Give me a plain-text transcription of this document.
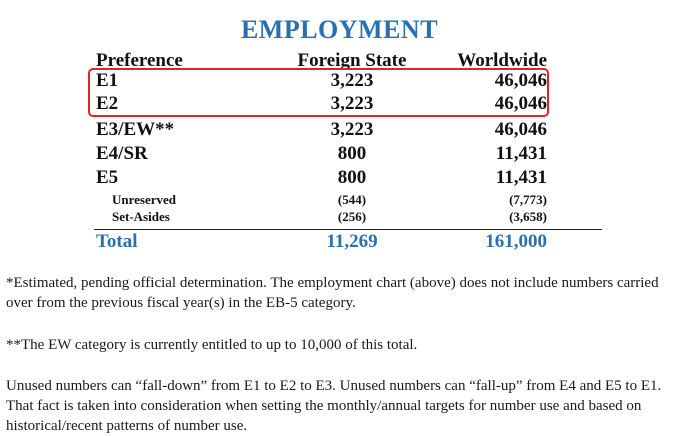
EMPLOYMENT
Preference	Foreign State	Worldwide
E1	3,223	46,046
E2	3,223	46,046
E3/EW**	3,223	46,046
E4/SR	800	11,431
E5	800	11,431
Unreserved	(544)	(7,773)
Set-Asides	(256)	(3,658)
Total	11,269	161,000
*Estimated, pending official determination. The employment chart (above) does not include numbers carried over from the previous fiscal year(s) in the EB-5 category.
**The EW category is currently entitled to up to 10,000 of this total.
Unused numbers can “fall-down” from E1 to E2 to E3. Unused numbers can “fall-up” from E4 and E5 to E1. That fact is taken into consideration when setting the monthly/annual targets for number use and based on historical/recent patterns of number use.
